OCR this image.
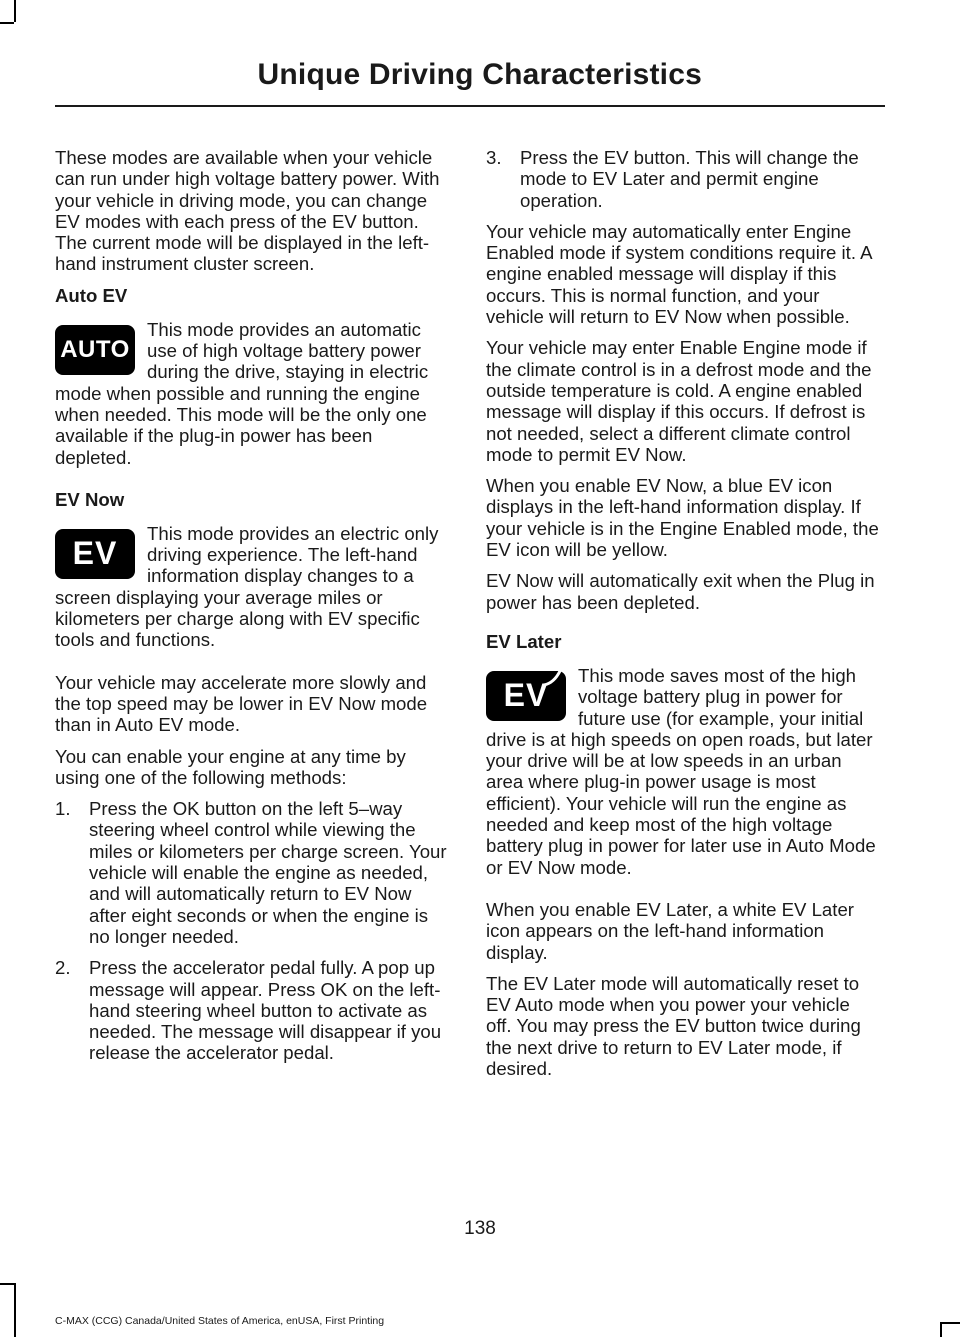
Unique Driving Characteristics

These modes are available when your vehicle can run under high voltage battery power. With your vehicle in driving mode, you can change EV modes with each press of the EV button. The current mode will be displayed in the left-hand instrument cluster screen.

Auto EV

AUTO
This mode provides an automatic use of high voltage battery power during the drive, staying in electric mode when possible and running the engine when needed. This mode will be the only one available if the plug-in power has been depleted.

EV Now

EV
This mode provides an electric only driving experience. The left-hand information display changes to a screen displaying your average miles or kilometers per charge along with EV specific tools and functions.

Your vehicle may accelerate more slowly and the top speed may be lower in EV Now mode than in Auto EV mode.

You can enable your engine at any time by using one of the following methods:

1. Press the OK button on the left 5–way steering wheel control while viewing the miles or kilometers per charge screen. Your vehicle will enable the engine as needed, and will automatically return to EV Now after eight seconds or when the engine is no longer needed.
2. Press the accelerator pedal fully. A pop up message will appear. Press OK on the left-hand steering wheel button to activate as needed. The message will disappear if you release the accelerator pedal.
3. Press the EV button. This will change the mode to EV Later and permit engine operation.

Your vehicle may automatically enter Engine Enabled mode if system conditions require it. A engine enabled message will display if this occurs. This is normal function, and your vehicle will return to EV Now when possible.

Your vehicle may enter Enable Engine mode if the climate control is in a defrost mode and the outside temperature is cold. A engine enabled message will display if this occurs. If defrost is not needed, select a different climate control mode to permit EV Now.

When you enable EV Now, a blue EV icon displays in the left-hand information display. If your vehicle is in the Engine Enabled mode, the EV icon will be yellow.

EV Now will automatically exit when the Plug in power has been depleted.

EV Later

EV
This mode saves most of the high voltage battery plug in power for future use (for example, your initial drive is at high speeds on open roads, but later your drive will be at low speeds in an urban area where plug-in power usage is most efficient). Your vehicle will run the engine as needed and keep most of the high voltage battery plug in power for later use in Auto Mode or EV Now mode.

When you enable EV Later, a white EV Later icon appears on the left-hand information display.

The EV Later mode will automatically reset to EV Auto mode when you power your vehicle off. You may press the EV button twice during the next drive to return to EV Later mode, if desired.

138
C-MAX (CCG) Canada/United States of America, enUSA, First Printing
